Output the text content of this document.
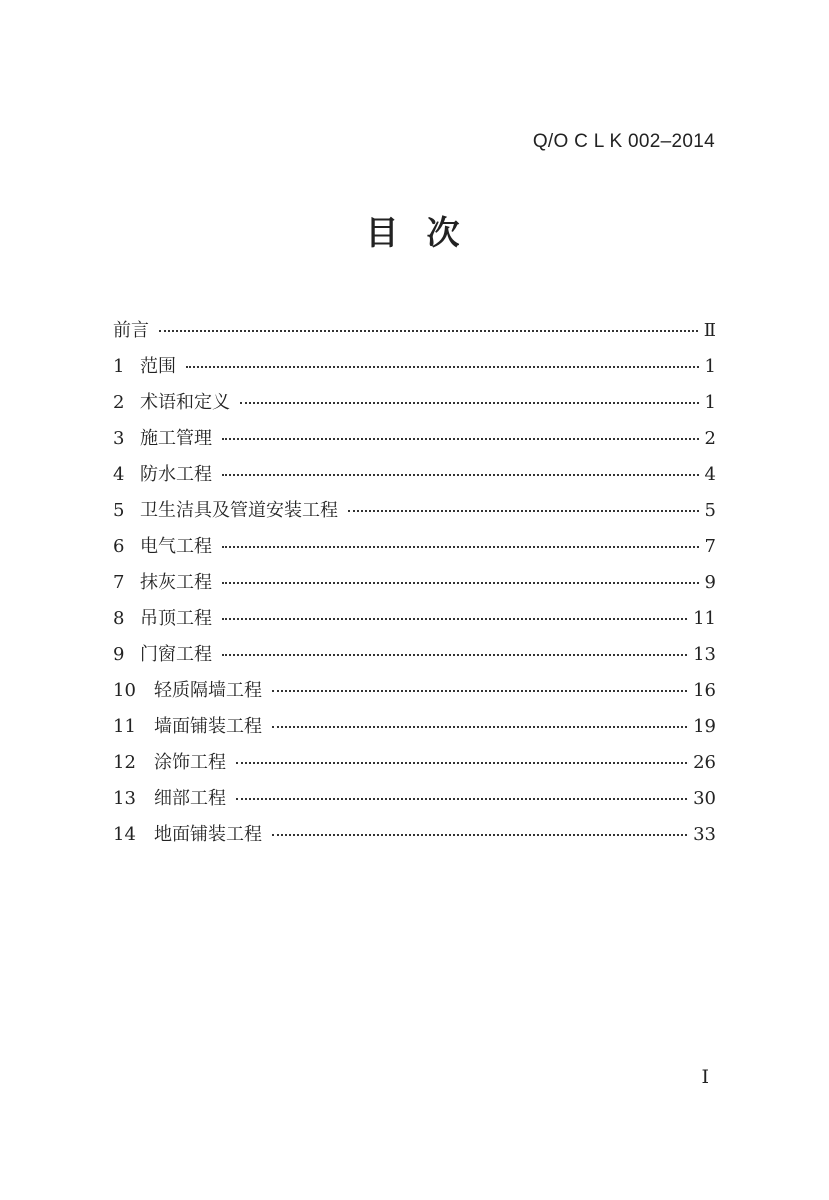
Q/O C L K 002–2014
目次
前言	Ⅱ
1 范围	1
2 术语和定义	1
3 施工管理	2
4 防水工程	4
5 卫生洁具及管道安装工程	5
6 电气工程	7
7 抹灰工程	9
8 吊顶工程	11
9 门窗工程	13
10	轻质隔墙工程	16
11	墙面铺装工程	19
12	涂饰工程	26
13	细部工程	30
14	地面铺装工程	33
I
